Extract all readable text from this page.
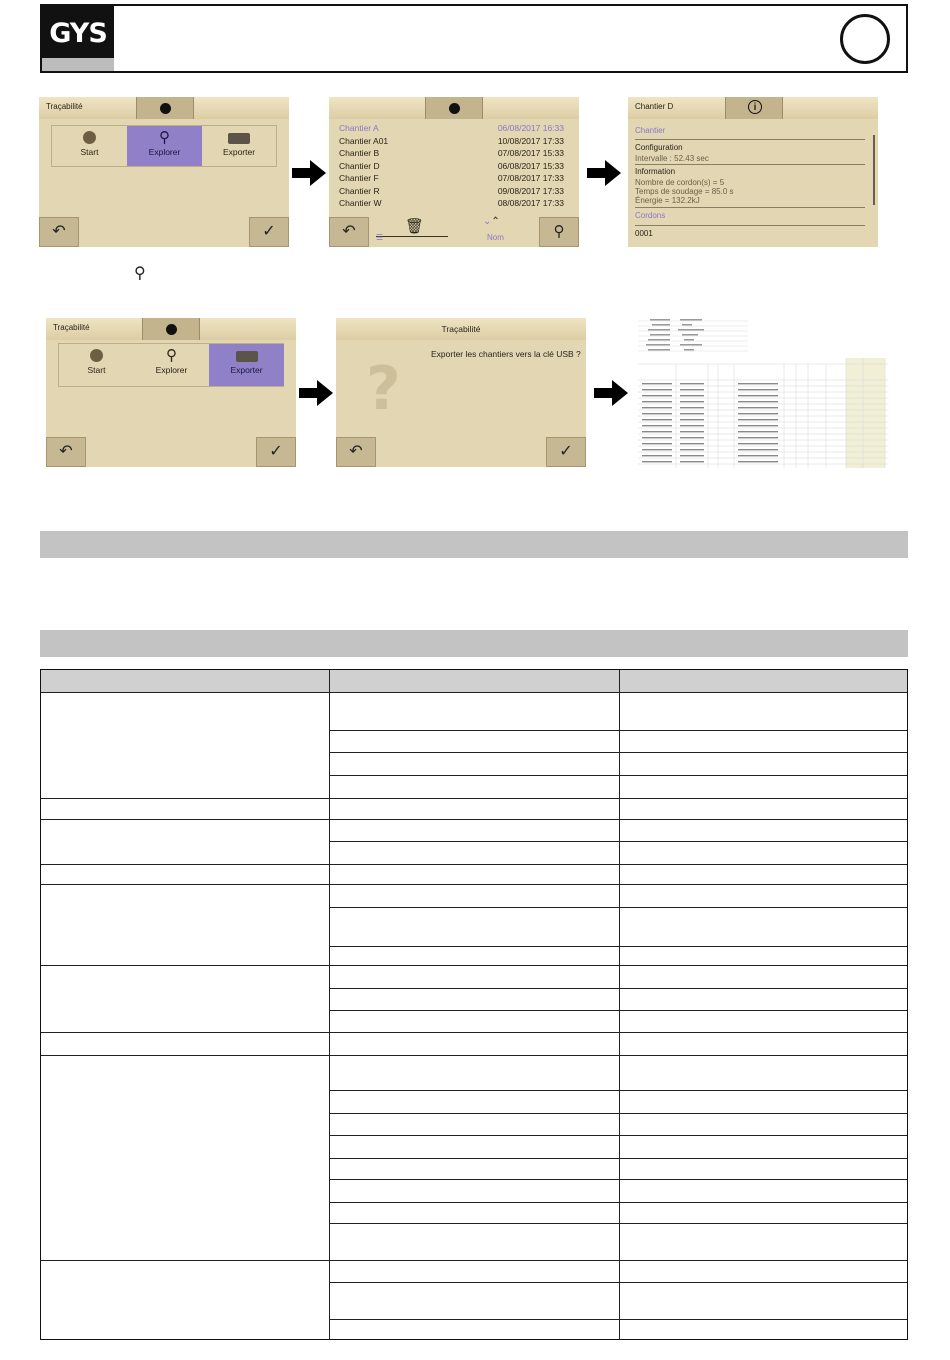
GYS
Traçabilité
Start
⚲
Explorer	Exporter
↶	✓
Chantier A	06/08/2017 16:33
Chantier A01	10/08/2017 17:33
Chantier B	07/08/2017 15:33
Chantier D	06/08/2017 15:33
Chantier F	07/08/2017 17:33
Chantier R	09/08/2017 17:33
Chantier W	08/08/2017 17:33
↶	☰
🗑	⌄⌃
Nom	⚲
Chantier D	i
Chantier
Configuration
Intervalle : 52.43 sec
Information
Nombre de cordon(s) = 5
Temps de soudage = 85.0 s
Énergie = 132.2kJ
Cordons
0001
⚲
Traçabilité
Start
⚲
Explorer	Exporter
↶	✓
Traçabilité
Exporter les chantiers vers la clé USB ?
?
↶	✓
